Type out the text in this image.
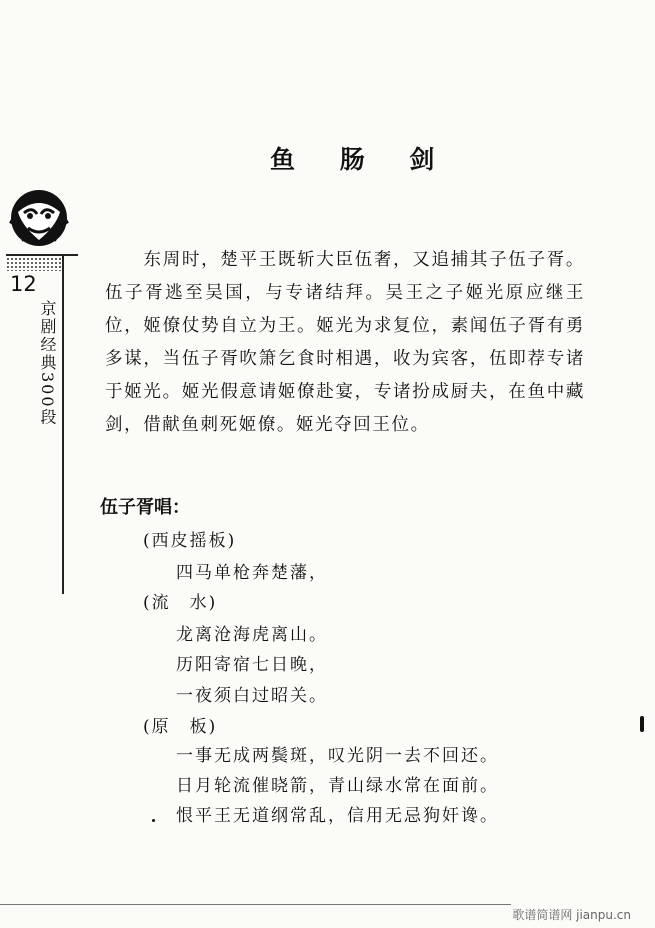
鱼 肠 剑
12
京剧经典300段
东周时，楚平王既斩大臣伍奢，又追捕其子伍子胥。伍子胥逃至吴国，与专诸结拜。吴王之子姬光原应继王位，姬僚仗势自立为王。姬光为求复位，素闻伍子胥有勇多谋，当伍子胥吹箫乞食时相遇，收为宾客，伍即荐专诸于姬光。姬光假意请姬僚赴宴，专诸扮成厨夫，在鱼中藏剑，借献鱼刺死姬僚。姬光夺回王位。
伍子胥唱：
(西皮摇板)
四马单枪奔楚藩，
(流　水)
龙离沧海虎离山。
历阳寄宿七日晚，
一夜须白过昭关。
(原　板)
一事无成两鬓斑，叹光阴一去不回还。
日月轮流催晓箭，青山绿水常在面前。
恨平王无道纲常乱，信用无忌狗奸谗。
歌谱简谱网 jianpu.cn
